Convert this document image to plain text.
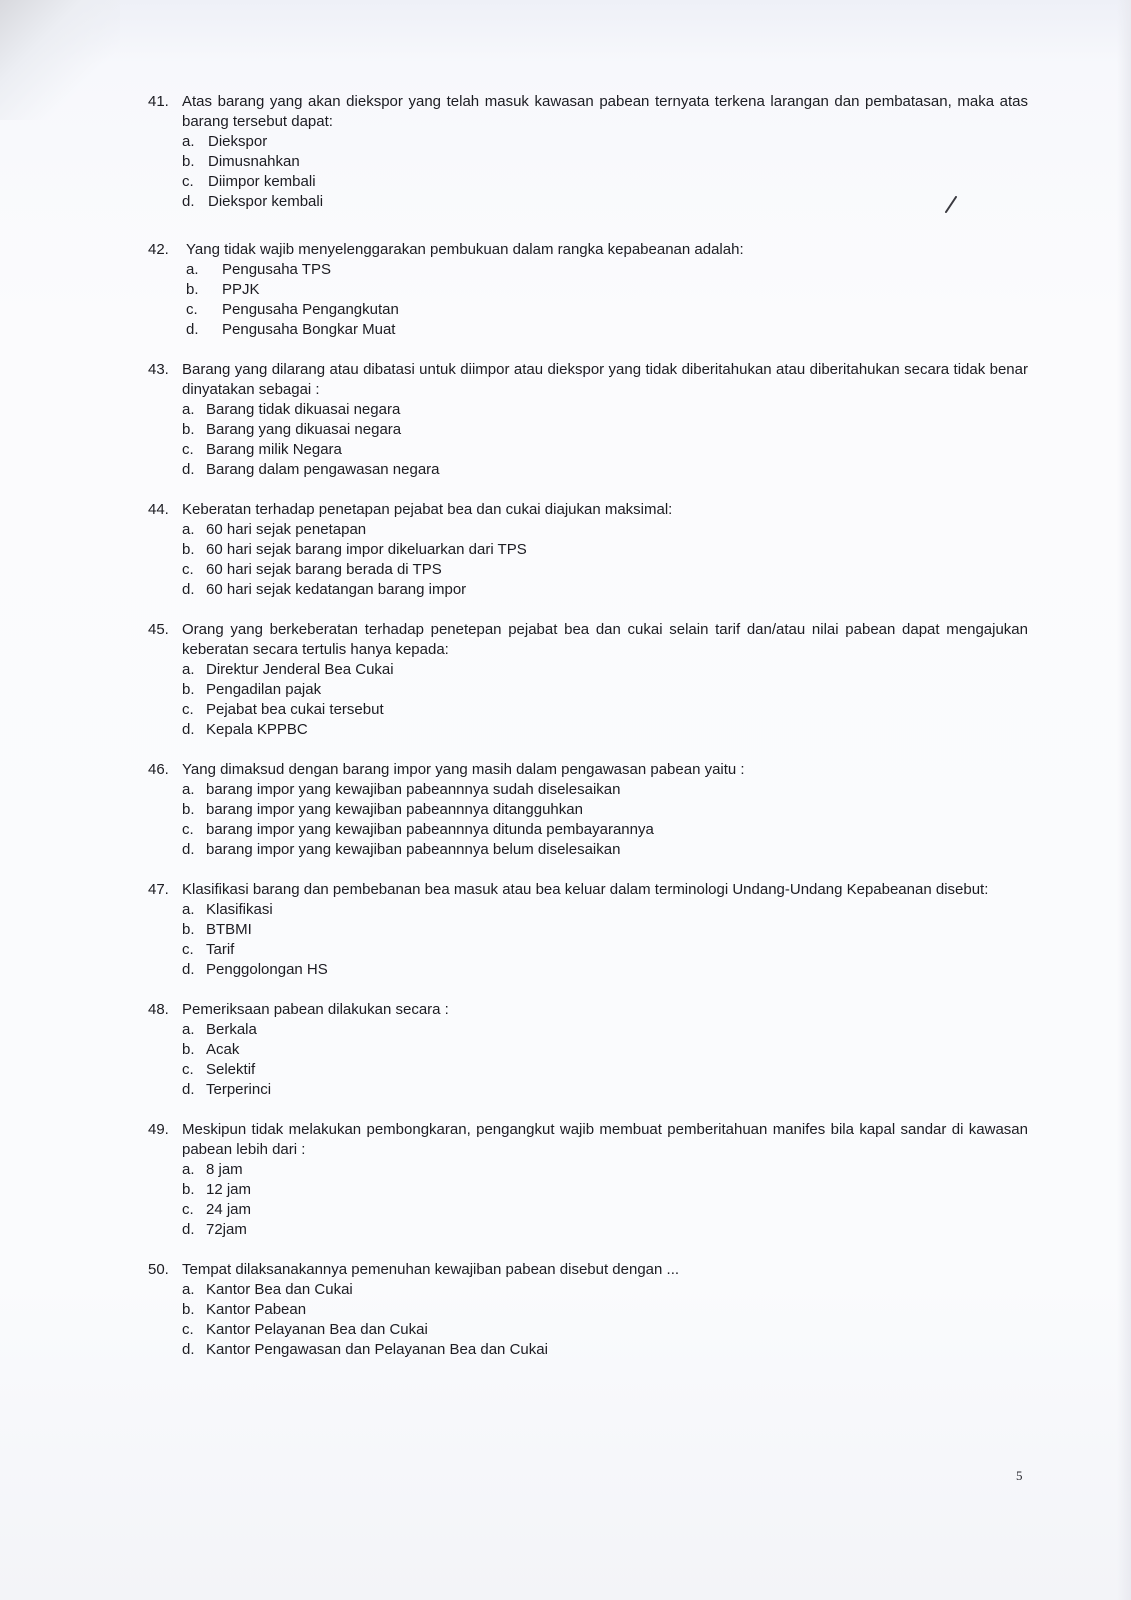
41. Atas barang yang akan diekspor yang telah masuk kawasan pabean ternyata terkena larangan dan pembatasan, maka atas barang tersebut dapat:
a. Diekspor
b. Dimusnahkan
c. Diimpor kembali
d. Diekspor kembali
42.	Yang tidak wajib menyelenggarakan pembukuan dalam rangka kepabeanan adalah:
a.	Pengusaha TPS
b.	PPJK
c.	Pengusaha Pengangkutan
d.	Pengusaha Bongkar Muat
43. Barang yang dilarang atau dibatasi untuk diimpor atau diekspor yang tidak diberitahukan atau diberitahukan secara tidak benar dinyatakan sebagai :
a. Barang tidak dikuasai negara
b. Barang yang dikuasai negara
c. Barang milik Negara
d. Barang dalam pengawasan negara
44. Keberatan terhadap penetapan pejabat bea dan cukai diajukan maksimal:
a. 60 hari sejak penetapan
b. 60 hari sejak barang impor dikeluarkan dari TPS
c. 60 hari sejak barang berada di TPS
d. 60 hari sejak kedatangan barang impor
45. Orang yang berkeberatan terhadap penetepan pejabat bea dan cukai selain tarif dan/atau nilai pabean dapat mengajukan keberatan secara tertulis hanya kepada:
a. Direktur Jenderal Bea Cukai
b. Pengadilan pajak
c. Pejabat bea cukai tersebut
d. Kepala KPPBC
46. Yang dimaksud dengan barang impor yang masih dalam pengawasan pabean yaitu :
a. barang impor yang kewajiban pabeannnya sudah diselesaikan
b. barang impor yang kewajiban pabeannnya ditangguhkan
c. barang impor yang kewajiban pabeannnya ditunda pembayarannya
d. barang impor yang kewajiban pabeannnya belum diselesaikan
47. Klasifikasi barang dan pembebanan bea masuk atau bea keluar dalam terminologi Undang-Undang Kepabeanan disebut:
a. Klasifikasi
b. BTBMI
c. Tarif
d. Penggolongan HS
48. Pemeriksaan pabean dilakukan secara :
a. Berkala
b. Acak
c. Selektif
d. Terperinci
49. Meskipun tidak melakukan pembongkaran, pengangkut wajib membuat pemberitahuan manifes bila kapal sandar di kawasan pabean lebih dari :
a. 8 jam
b. 12 jam
c. 24 jam
d. 72jam
50. Tempat dilaksanakannya pemenuhan kewajiban pabean disebut dengan ...
a. Kantor Bea dan Cukai
b. Kantor Pabean
c. Kantor Pelayanan Bea dan Cukai
d. Kantor Pengawasan dan Pelayanan Bea dan Cukai
5
